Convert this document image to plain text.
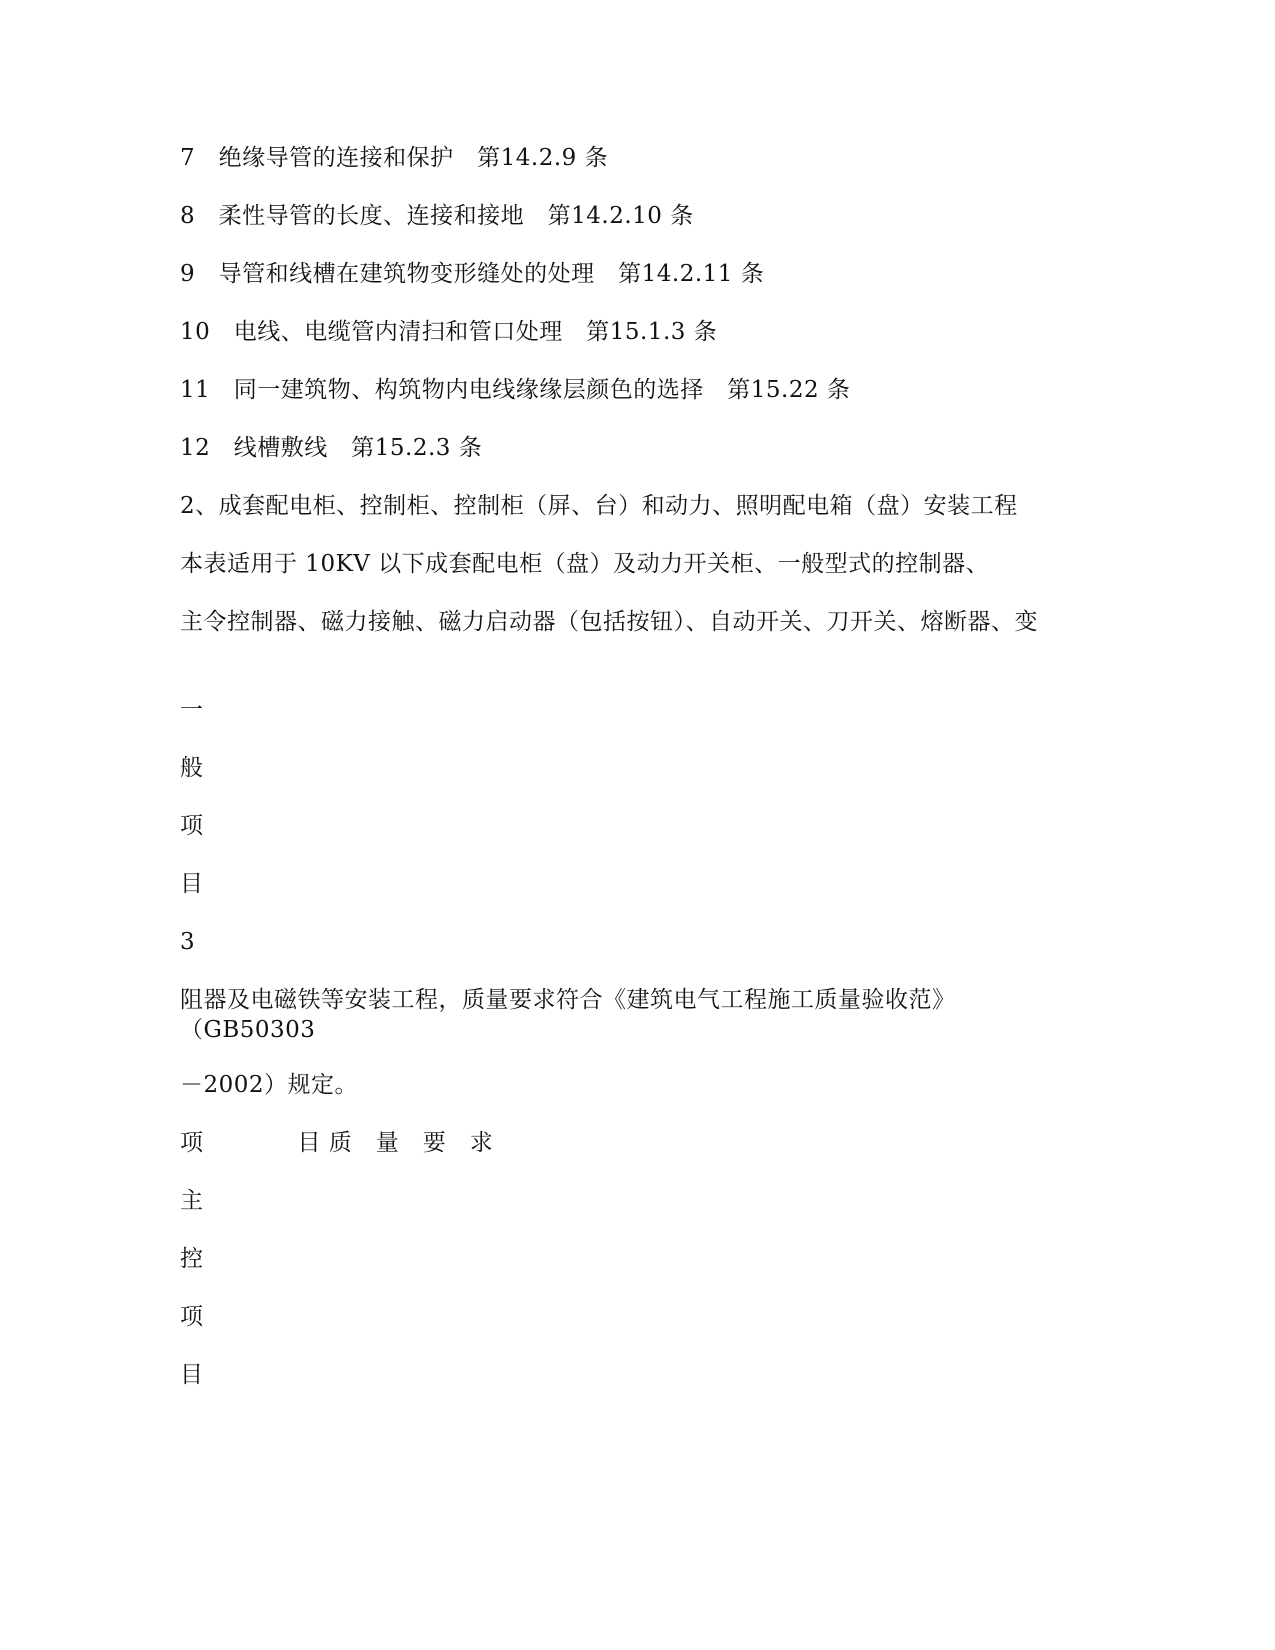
7　绝缘导管的连接和保护　第14.2.9 条
8　柔性导管的长度、连接和接地　第14.2.10 条
9　导管和线槽在建筑物变形缝处的处理　第14.2.11 条
10　电线、电缆管内清扫和管口处理　第15.1.3 条
11　同一建筑物、构筑物内电线缘缘层颜色的选择　第15.22 条
12　线槽敷线　第15.2.3 条
2、成套配电柜、控制柜、控制柜（屏、台）和动力、照明配电箱（盘）安装工程
本表适用于 10KV 以下成套配电柜（盘）及动力开关柜、一般型式的控制器、
主令控制器、磁力接触、磁力启动器（包括按钮）、自动开关、刀开关、熔断器、变
一
般
项
目
3
阻器及电磁铁等安装工程，质量要求符合《建筑电气工程施工质量验收范》（GB50303
－2002）规定。
项　　　　目 质　量　要　求
主
控
项
目
